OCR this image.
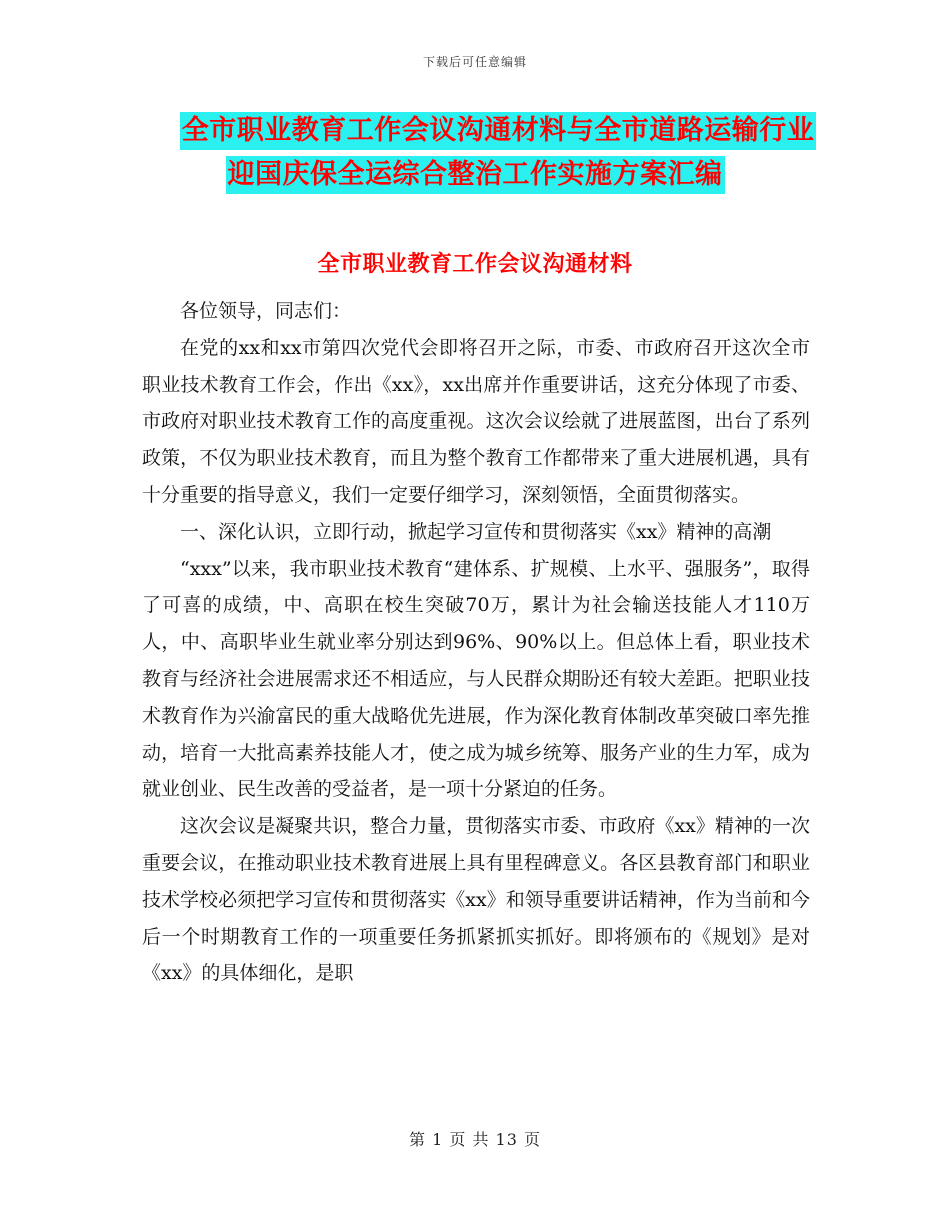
下载后可任意编辑
全市职业教育工作会议沟通材料与全市道路运输行业
迎国庆保全运综合整治工作实施方案汇编
全市职业教育工作会议沟通材料

各位领导，同志们：

在党的xx和xx市第四次党代会即将召开之际，市委、市政府召开这次全市职业技术教育工作会，作出《xx》，xx出席并作重要讲话，这充分体现了市委、市政府对职业技术教育工作的高度重视。这次会议绘就了进展蓝图，出台了系列政策，不仅为职业技术教育，而且为整个教育工作都带来了重大进展机遇，具有十分重要的指导意义，我们一定要仔细学习，深刻领悟，全面贯彻落实。

一、深化认识，立即行动，掀起学习宣传和贯彻落实《xx》精神的高潮

“xxx”以来，我市职业技术教育“建体系、扩规模、上水平、强服务”，取得了可喜的成绩，中、高职在校生突破70万，累计为社会输送技能人才110万人，中、高职毕业生就业率分别达到96%、90%以上。但总体上看，职业技术教育与经济社会进展需求还不相适应，与人民群众期盼还有较大差距。把职业技术教育作为兴渝富民的重大战略优先进展，作为深化教育体制改革突破口率先推动，培育一大批高素养技能人才，使之成为城乡统筹、服务产业的生力军，成为就业创业、民生改善的受益者，是一项十分紧迫的任务。

这次会议是凝聚共识，整合力量，贯彻落实市委、市政府《xx》精神的一次重要会议，在推动职业技术教育进展上具有里程碑意义。各区县教育部门和职业技术学校必须把学习宣传和贯彻落实《xx》和领导重要讲话精神，作为当前和今后一个时期教育工作的一项重要任务抓紧抓实抓好。即将颁布的《规划》是对《xx》的具体细化，是职

第 1 页 共 13 页
